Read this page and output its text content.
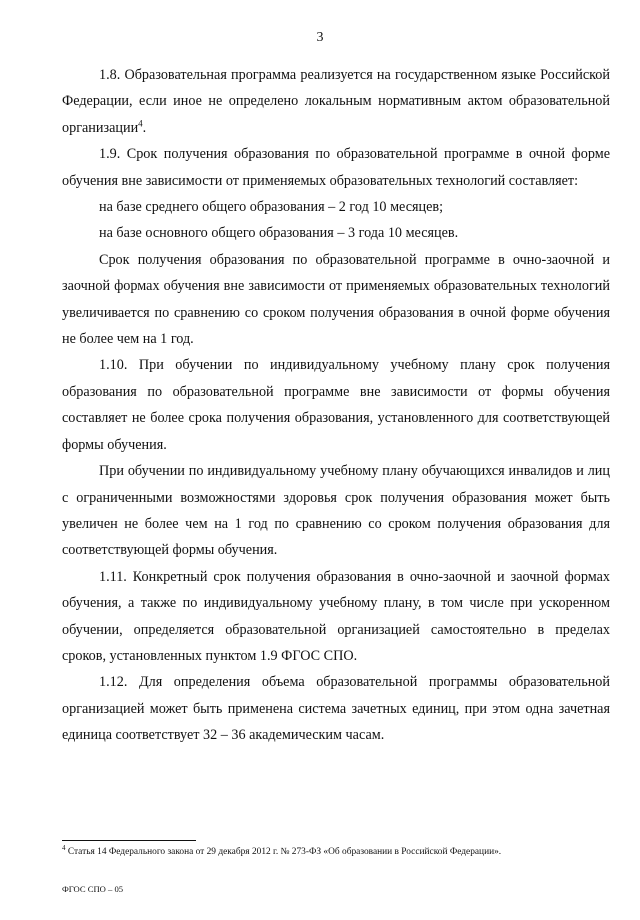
3

1.8. Образовательная программа реализуется на государственном языке Российской Федерации, если иное не определено локальным нормативным актом образовательной организации$^4$.

1.9. Срок получения образования по образовательной программе в очной форме обучения вне зависимости от применяемых образовательных технологий составляет:

на базе среднего общего образования – 2 год 10 месяцев;

на базе основного общего образования – 3 года 10 месяцев.

Срок получения образования по образовательной программе в очно-заочной и заочной формах обучения вне зависимости от применяемых образовательных технологий увеличивается по сравнению со сроком получения образования в очной форме обучения не более чем на 1 год.

1.10. При обучении по индивидуальному учебному плану срок получения образования по образовательной программе вне зависимости от формы обучения составляет не более срока получения образования, установленного для соответствующей формы обучения.

При обучении по индивидуальному учебному плану обучающихся инвалидов и лиц с ограниченными возможностями здоровья срок получения образования может быть увеличен не более чем на 1 год по сравнению со сроком получения образования для соответствующей формы обучения.

1.11. Конкретный срок получения образования в очно-заочной и заочной формах обучения, а также по индивидуальному учебному плану, в том числе при ускоренном обучении, определяется образовательной организацией самостоятельно в пределах сроков, установленных пунктом 1.9 ФГОС СПО.

1.12. Для определения объема образовательной программы образовательной организацией может быть применена система зачетных единиц, при этом одна зачетная единица соответствует 32 – 36 академическим часам.

$^4$ Статья 14 Федерального закона от 29 декабря 2012 г. № 273-ФЗ «Об образовании в Российской Федерации».
ФГОС СПО – 05
